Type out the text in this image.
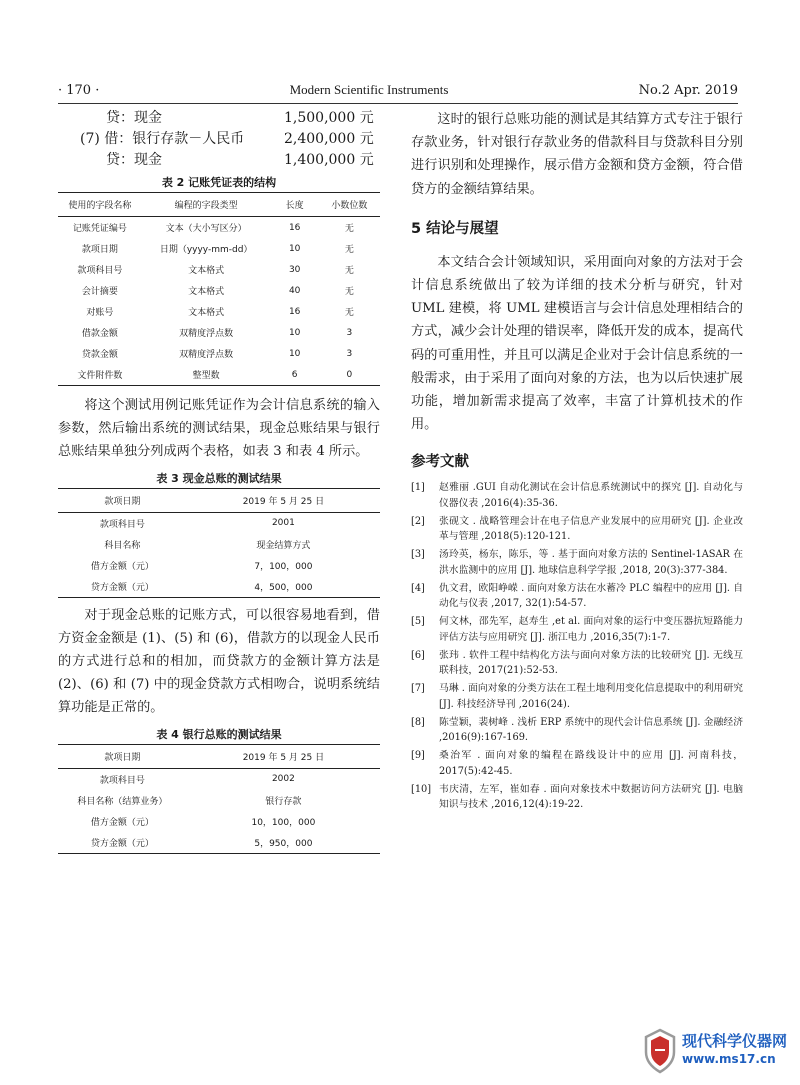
· 170 ·	Modern Scientific Instruments	No.2 Apr. 2019
贷：现金	1,500,000 元
(7) 借：银行存款－人民币	2,400,000 元
贷：现金	1,400,000 元
表 2 记账凭证表的结构
使用的字段名称	编程的字段类型	长度	小数位数
记账凭证编号	文本（大小写区分）	16	无
款项日期	日期（yyyy-mm-dd）	10	无
款项科目号	文本格式	30	无
会计摘要	文本格式	40	无
对账号	文本格式	16	无
借款金额	双精度浮点数	10	3
贷款金额	双精度浮点数	10	3
文件附件数	整型数	6	0

将这个测试用例记账凭证作为会计信息系统的输入参数，然后输出系统的测试结果，现金总账结果与银行总账结果单独分列成两个表格，如表 3 和表 4 所示。

表 3 现金总账的测试结果
款项日期	2019 年 5 月 25 日
款项科目号	2001
科目名称	现金结算方式
借方金额（元）	7，100，000
贷方金额（元）	4，500，000

对于现金总账的记账方式，可以很容易地看到，借方资金金额是 (1)、(5) 和 (6)，借款方的以现金人民币的方式进行总和的相加，而贷款方的金额计算方法是 (2)、(6) 和 (7) 中的现金贷款方式相吻合，说明系统结算功能是正常的。

表 4 银行总账的测试结果
款项日期	2019 年 5 月 25 日
款项科目号	2002
科目名称（结算业务）	银行存款
借方金额（元）	10，100，000
贷方金额（元）	5，950，000

这时的银行总账功能的测试是其结算方式专注于银行存款业务，针对银行存款业务的借款科目与贷款科目分别进行识别和处理操作，展示借方金额和贷方金额，符合借贷方的金额结算结果。

5 结论与展望

本文结合会计领域知识，采用面向对象的方法对于会计信息系统做出了较为详细的技术分析与研究，针对 UML 建模，将 UML 建模语言与会计信息处理相结合的方式，减少会计处理的错误率，降低开发的成本，提高代码的可重用性，并且可以满足企业对于会计信息系统的一般需求，由于采用了面向对象的方法，也为以后快速扩展功能，增加新需求提高了效率，丰富了计算机技术的作用。

参考文献
[1]	赵雅丽 .GUI 自动化测试在会计信息系统测试中的探究 [J]. 自动化与仪器仪表 ,2016(4):35-36.
[2]	张砚文 . 战略管理会计在电子信息产业发展中的应用研究 [J]. 企业改革与管理 ,2018(5):120-121.
[3]	汤玲英，杨东，陈乐，等 . 基于面向对象方法的 Sentinel-1ASAR 在洪水监测中的应用 [J]. 地球信息科学学报 ,2018, 20(3):377-384.
[4]	仇文君，欧阳峥嵘 . 面向对象方法在水蓄冷 PLC 编程中的应用 [J]. 自动化与仪表 ,2017, 32(1):54-57.
[5]	何文林，邵先军，赵寿生 ,et al. 面向对象的运行中变压器抗短路能力评估方法与应用研究 [J]. 浙江电力 ,2016,35(7):1-7.
[6]	张玮 . 软件工程中结构化方法与面向对象方法的比较研究 [J]. 无线互联科技，2017(21):52-53.
[7]	马琳 . 面向对象的分类方法在工程土地利用变化信息提取中的利用研究 [J]. 科技经济导刊 ,2016(24).
[8]	陈莹颖，裴树峰 . 浅析 ERP 系统中的现代会计信息系统 [J]. 金融经济 ,2016(9):167-169.
[9]	桑治军 . 面向对象的编程在路线设计中的应用 [J]. 河南科技，2017(5):42-45.
[10] 韦庆清，左军，崔如春 . 面向对象技术中数据访问方法研究 [J]. 电脑知识与技术 ,2016,12(4):19-22.
现代科学仪器网
www.ms17.cn
